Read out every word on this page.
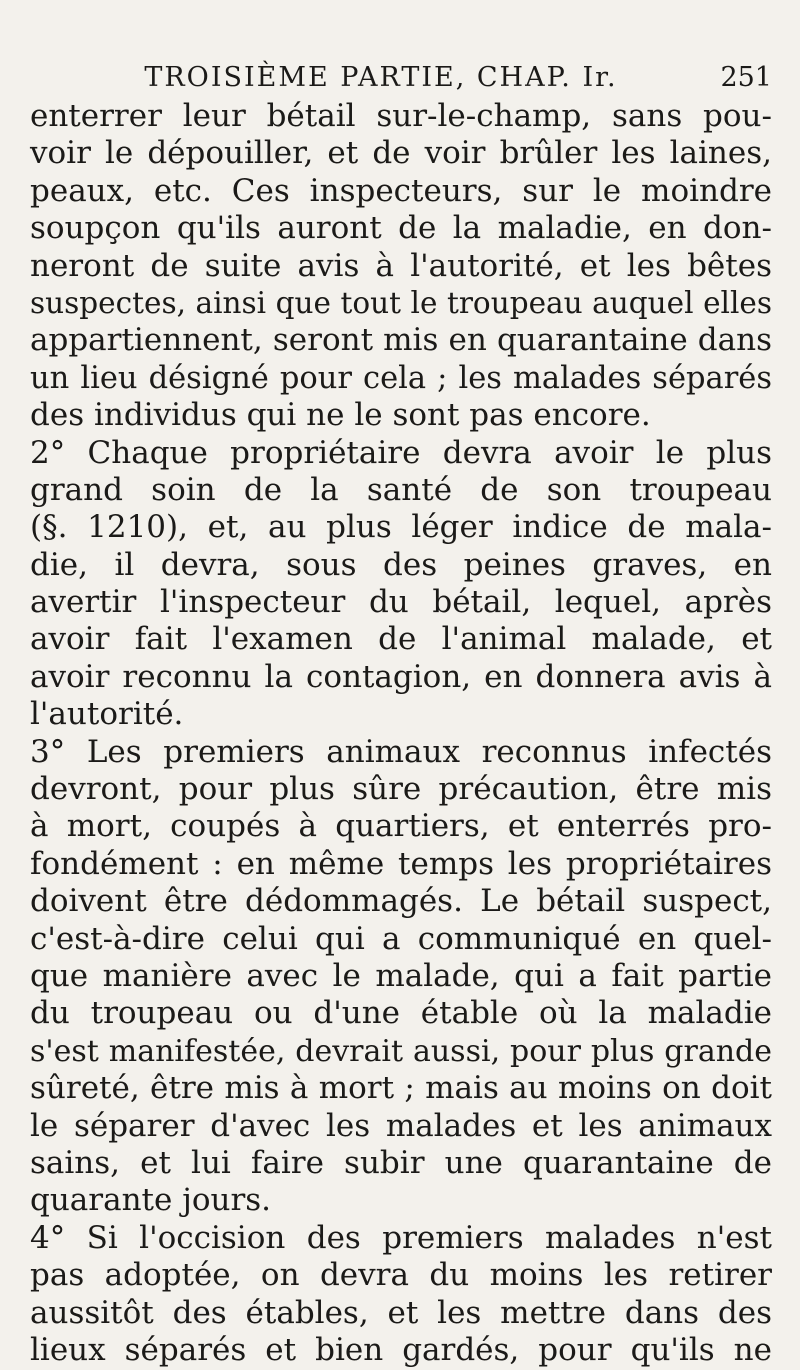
TROISIÈME PARTIE, CHAP. Ir.	251
enterrer leur bétail sur-le-champ, sans pou-
voir le dépouiller, et de voir brûler les laines,
peaux, etc. Ces inspecteurs, sur le moindre
soupçon qu'ils auront de la maladie, en don-
neront de suite avis à l'autorité, et les bêtes
suspectes, ainsi que tout le troupeau auquel elles
appartiennent, seront mis en quarantaine dans
un lieu désigné pour cela ; les malades séparés
des individus qui ne le sont pas encore.
2° Chaque propriétaire devra avoir le plus
grand soin de la santé de son troupeau
(§. 1210), et, au plus léger indice de mala-
die, il devra, sous des peines graves, en
avertir l'inspecteur du bétail, lequel, après
avoir fait l'examen de l'animal malade, et
avoir reconnu la contagion, en donnera avis à
l'autorité.
3° Les premiers animaux reconnus infectés
devront, pour plus sûre précaution, être mis
à mort, coupés à quartiers, et enterrés pro-
fondément : en même temps les propriétaires
doivent être dédommagés. Le bétail suspect,
c'est-à-dire celui qui a communiqué en quel-
que manière avec le malade, qui a fait partie
du troupeau ou d'une étable où la maladie
s'est manifestée, devrait aussi, pour plus grande
sûreté, être mis à mort ; mais au moins on doit
le séparer d'avec les malades et les animaux
sains, et lui faire subir une quarantaine de
quarante jours.
4° Si l'occision des premiers malades n'est
pas adoptée, on devra du moins les retirer
aussitôt des étables, et les mettre dans des
lieux séparés et bien gardés, pour qu'ils ne
